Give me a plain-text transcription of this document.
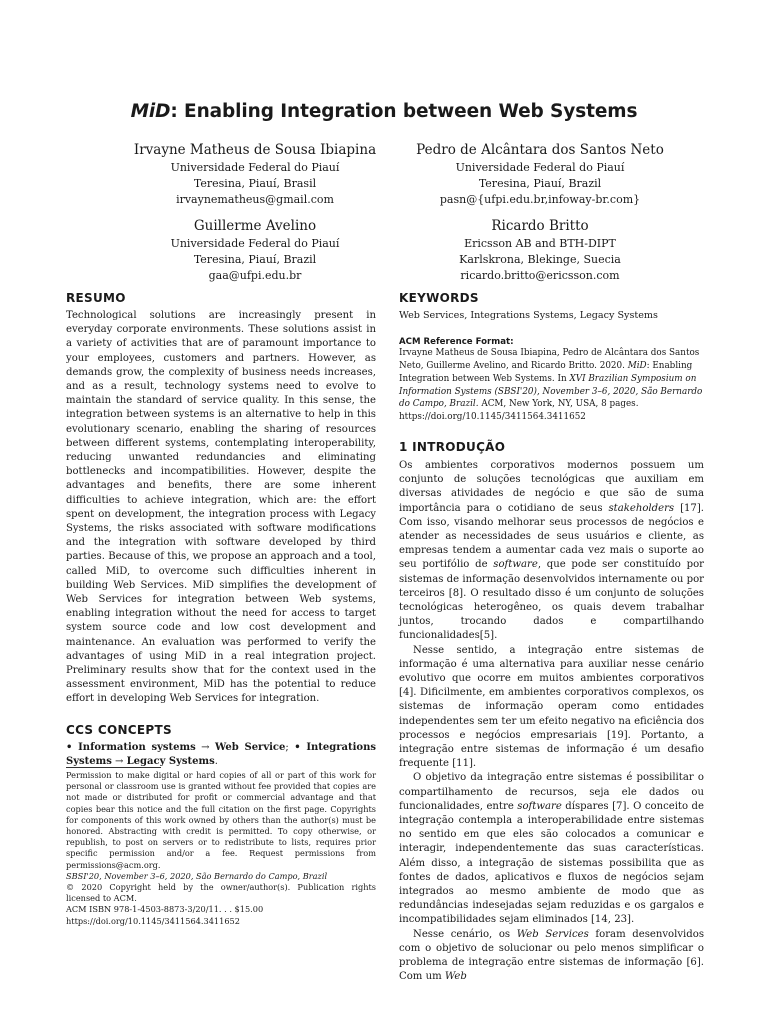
MiD: Enabling Integration between Web Systems
Irvayne Matheus de Sousa Ibiapina
Universidade Federal do Piauí
Teresina, Piauí, Brasil
irvaynematheus@gmail.com
Pedro de Alcântara dos Santos Neto
Universidade Federal do Piauí
Teresina, Piauí, Brazil
pasn@{ufpi.edu.br,infoway-br.com}
Guillerme Avelino
Universidade Federal do Piauí
Teresina, Piauí, Brazil
gaa@ufpi.edu.br
Ricardo Britto
Ericsson AB and BTH-DIPT
Karlskrona, Blekinge, Suecia
ricardo.britto@ericsson.com
RESUMO
Technological solutions are increasingly present in everyday corporate environments. These solutions assist in a variety of activities that are of paramount importance to your employees, customers and partners. However, as demands grow, the complexity of business needs increases, and as a result, technology systems need to evolve to maintain the standard of service quality. In this sense, the integration between systems is an alternative to help in this evolutionary scenario, enabling the sharing of resources between different systems, contemplating interoperability, reducing unwanted redundancies and eliminating bottlenecks and incompatibilities. However, despite the advantages and benefits, there are some inherent difficulties to achieve integration, which are: the effort spent on development, the integration process with Legacy Systems, the risks associated with software modifications and the integration with software developed by third parties. Because of this, we propose an approach and a tool, called MiD, to overcome such difficulties inherent in building Web Services. MiD simplifies the development of Web Services for integration between Web systems, enabling integration without the need for access to target system source code and low cost development and maintenance. An evaluation was performed to verify the advantages of using MiD in a real integration project. Preliminary results show that for the context used in the assessment environment, MiD has the potential to reduce effort in developing Web Services for integration.
CCS CONCEPTS
• Information systems → Web Service; • Integrations Systems → Legacy Systems.
Permission to make digital or hard copies of all or part of this work for personal or classroom use is granted without fee provided that copies are not made or distributed for profit or commercial advantage and that copies bear this notice and the full citation on the first page. Copyrights for components of this work owned by others than the author(s) must be honored. Abstracting with credit is permitted. To copy otherwise, or republish, to post on servers or to redistribute to lists, requires prior specific permission and/or a fee. Request permissions from permissions@acm.org.
SBSI'20, November 3–6, 2020, São Bernardo do Campo, Brazil
© 2020 Copyright held by the owner/author(s). Publication rights licensed to ACM.
ACM ISBN 978-1-4503-8873-3/20/11. . . $15.00
https://doi.org/10.1145/3411564.3411652
KEYWORDS
Web Services, Integrations Systems, Legacy Systems
ACM Reference Format:
Irvayne Matheus de Sousa Ibiapina, Pedro de Alcântara dos Santos Neto, Guillerme Avelino, and Ricardo Britto. 2020. MiD: Enabling Integration between Web Systems. In XVI Brazilian Symposium on Information Systems (SBSI'20), November 3–6, 2020, São Bernardo do Campo, Brazil. ACM, New York, NY, USA, 8 pages. https://doi.org/10.1145/3411564.3411652
1 INTRODUÇÃO

Os ambientes corporativos modernos possuem um conjunto de soluções tecnológicas que auxiliam em diversas atividades de negócio e que são de suma importância para o cotidiano de seus stakeholders [17]. Com isso, visando melhorar seus processos de negócios e atender as necessidades de seus usuários e cliente, as empresas tendem a aumentar cada vez mais o suporte ao seu portifólio de software, que pode ser constituído por sistemas de informação desenvolvidos internamente ou por terceiros [8]. O resultado disso é um conjunto de soluções tecnológicas heterogêneo, os quais devem trabalhar juntos, trocando dados e compartilhando funcionalidades[5].

Nesse sentido, a integração entre sistemas de informação é uma alternativa para auxiliar nesse cenário evolutivo que ocorre em muitos ambientes corporativos [4]. Dificilmente, em ambientes corporativos complexos, os sistemas de informação operam como entidades independentes sem ter um efeito negativo na eficiência dos processos e negócios empresariais [19]. Portanto, a integração entre sistemas de informação é um desafio frequente [11].

O objetivo da integração entre sistemas é possibilitar o compartilhamento de recursos, seja ele dados ou funcionalidades, entre software díspares [7]. O conceito de integração contempla a interoperabilidade entre sistemas no sentido em que eles são colocados a comunicar e interagir, independentemente das suas características. Além disso, a integração de sistemas possibilita que as fontes de dados, aplicativos e fluxos de negócios sejam integrados ao mesmo ambiente de modo que as redundâncias indesejadas sejam reduzidas e os gargalos e incompatibilidades sejam eliminados [14, 23].

Nesse cenário, os Web Services foram desenvolvidos com o objetivo de solucionar ou pelo menos simplificar o problema de integração entre sistemas de informação [6]. Com um Web
